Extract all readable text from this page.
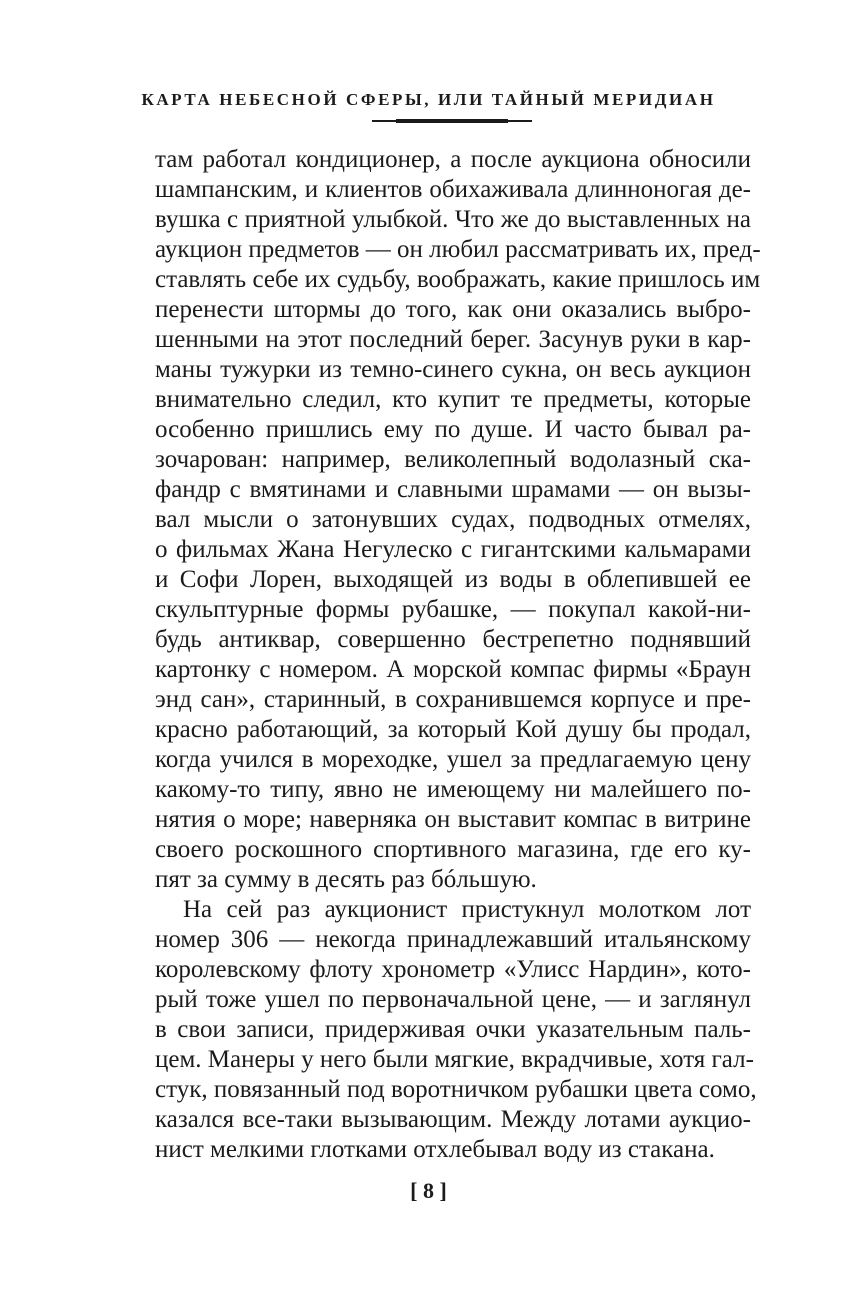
КАРТА НЕБЕСНОЙ СФЕРЫ, ИЛИ ТАЙНЫЙ МЕРИДИАН
там работал кондиционер, а после аукциона обносили
шампанским, и клиентов обихаживала длинноногая де-
вушка с приятной улыбкой. Что же до выставленных на
аукцион предметов — он любил рассматривать их, пред-
ставлять себе их судьбу, воображать, какие пришлось им
перенести штормы до того, как они оказались выбро-
шенными на этот последний берег. Засунув руки в кар-
маны тужурки из темно-синего сукна, он весь аукцион
внимательно следил, кто купит те предметы, которые
особенно пришлись ему по душе. И часто бывал ра-
зочарован: например, великолепный водолазный ска-
фандр с вмятинами и славными шрамами — он вызы-
вал мысли о затонувших судах, подводных отмелях,
о фильмах Жана Негулеско с гигантскими кальмарами
и Софи Лорен, выходящей из воды в облепившей ее
скульптурные формы рубашке, — покупал какой-ни-
будь антиквар, совершенно бестрепетно поднявший
картонку с номером. А морской компас фирмы «Браун
энд сан», старинный, в сохранившемся корпусе и пре-
красно работающий, за который Кой душу бы продал,
когда учился в мореходке, ушел за предлагаемую цену
какому-то типу, явно не имеющему ни малейшего по-
нятия о море; наверняка он выставит компас в витрине
своего роскошного спортивного магазина, где его ку-
пят за сумму в десять раз бóльшую.
На сей раз аукционист пристукнул молотком лот
номер 306 — некогда принадлежавший итальянскому
королевскому флоту хронометр «Улисс Нардин», кото-
рый тоже ушел по первоначальной цене, — и заглянул
в свои записи, придерживая очки указательным паль-
цем. Манеры у него были мягкие, вкрадчивые, хотя гал-
стук, повязанный под воротничком рубашки цвета сомо,
казался все-таки вызывающим. Между лотами аукцио-
нист мелкими глотками отхлебывал воду из стакана.
[ 8 ]
